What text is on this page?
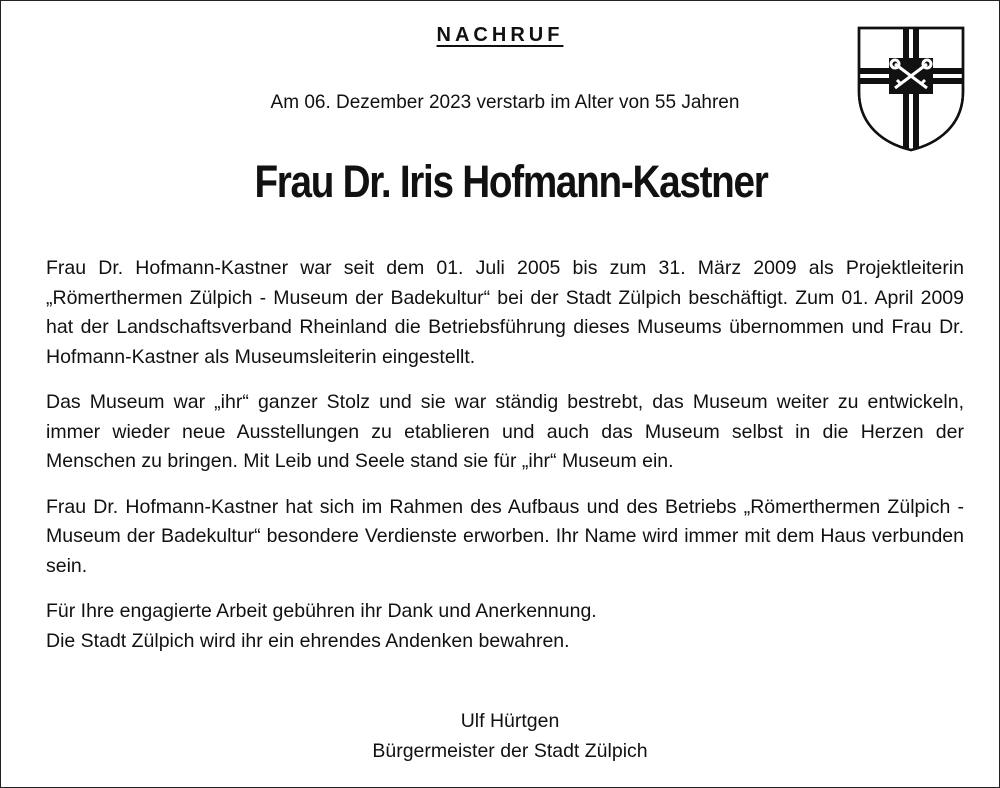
NACHRUF
Am 06. Dezember 2023 verstarb im Alter von 55 Jahren
Frau Dr. Iris Hofmann-Kastner

Frau Dr. Hofmann-Kastner war seit dem 01. Juli 2005 bis zum 31. März 2009 als Projektleiterin „Römerthermen Zülpich - Museum der Badekultur“ bei der Stadt Zülpich beschäftigt. Zum 01. April 2009 hat der Landschaftsverband Rheinland die Betriebsführung dieses Museums übernommen und Frau Dr. Hofmann-Kastner als Museumsleiterin eingestellt.

Das Museum war „ihr“ ganzer Stolz und sie war ständig bestrebt, das Museum weiter zu entwickeln, immer wieder neue Ausstellungen zu etablieren und auch das Museum selbst in die Herzen der Menschen zu bringen. Mit Leib und Seele stand sie für „ihr“ Museum ein.

Frau Dr. Hofmann-Kastner hat sich im Rahmen des Aufbaus und des Betriebs „Römerthermen Zülpich - Museum der Badekultur“ besondere Verdienste erworben. Ihr Name wird immer mit dem Haus verbunden sein.

Für Ihre engagierte Arbeit gebühren ihr Dank und Anerkennung.

Die Stadt Zülpich wird ihr ein ehrendes Andenken bewahren.

Ulf Hürtgen
Bürgermeister der Stadt Zülpich
